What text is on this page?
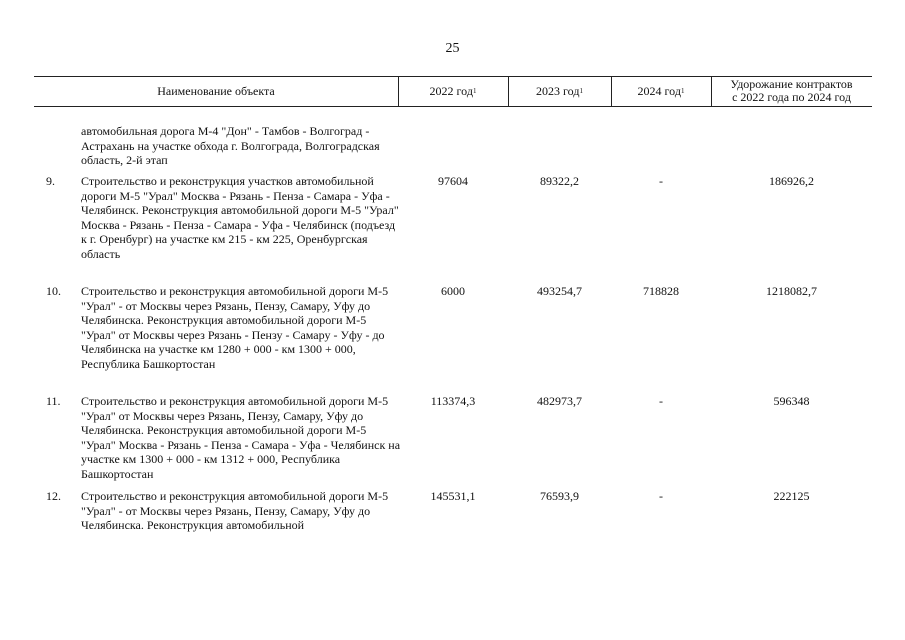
25
Наименование объекта	2022 год 1	2023 год 1	2024 год 1	Удорожание контрактов
с 2022 года по 2024 год
автомобильная дорога М-4 "Дон" - Тамбов - Волгоград - Астрахань на участке обхода г. Волгограда, Волгоградская область, 2-й этап
9. Строительство и реконструкция участков автомобильной дороги М-5 "Урал" Москва - Рязань - Пенза - Самара - Уфа - Челябинск. Реконструкция автомобильной дороги М-5 "Урал" Москва - Рязань - Пенза - Самара - Уфа - Челябинск (подъезд к г. Оренбург) на участке км 215 - км 225, Оренбургская область
97604	89322,2	-	186926,2
10. Строительство и реконструкция автомобильной дороги М-5 "Урал" - от Москвы через Рязань, Пензу, Самару, Уфу до Челябинска. Реконструкция автомобильной дороги М-5 "Урал" от Москвы через Рязань - Пензу - Самару - Уфу - до Челябинска на участке км 1280 + 000 - км 1300 + 000, Республика Башкортостан
6000	493254,7	718828	1218082,7
11. Строительство и реконструкция автомобильной дороги М-5 "Урал" от Москвы через Рязань, Пензу, Самару, Уфу до Челябинска. Реконструкция автомобильной дороги М-5 "Урал" Москва - Рязань - Пенза - Самара - Уфа - Челябинск на участке км 1300 + 000 - км 1312 + 000, Республика Башкортостан
113374,3	482973,7	-	596348
12. Строительство и реконструкция автомобильной дороги М-5 "Урал" - от Москвы через Рязань, Пензу, Самару, Уфу до Челябинска. Реконструкция автомобильной
145531,1	76593,9	-	222125
